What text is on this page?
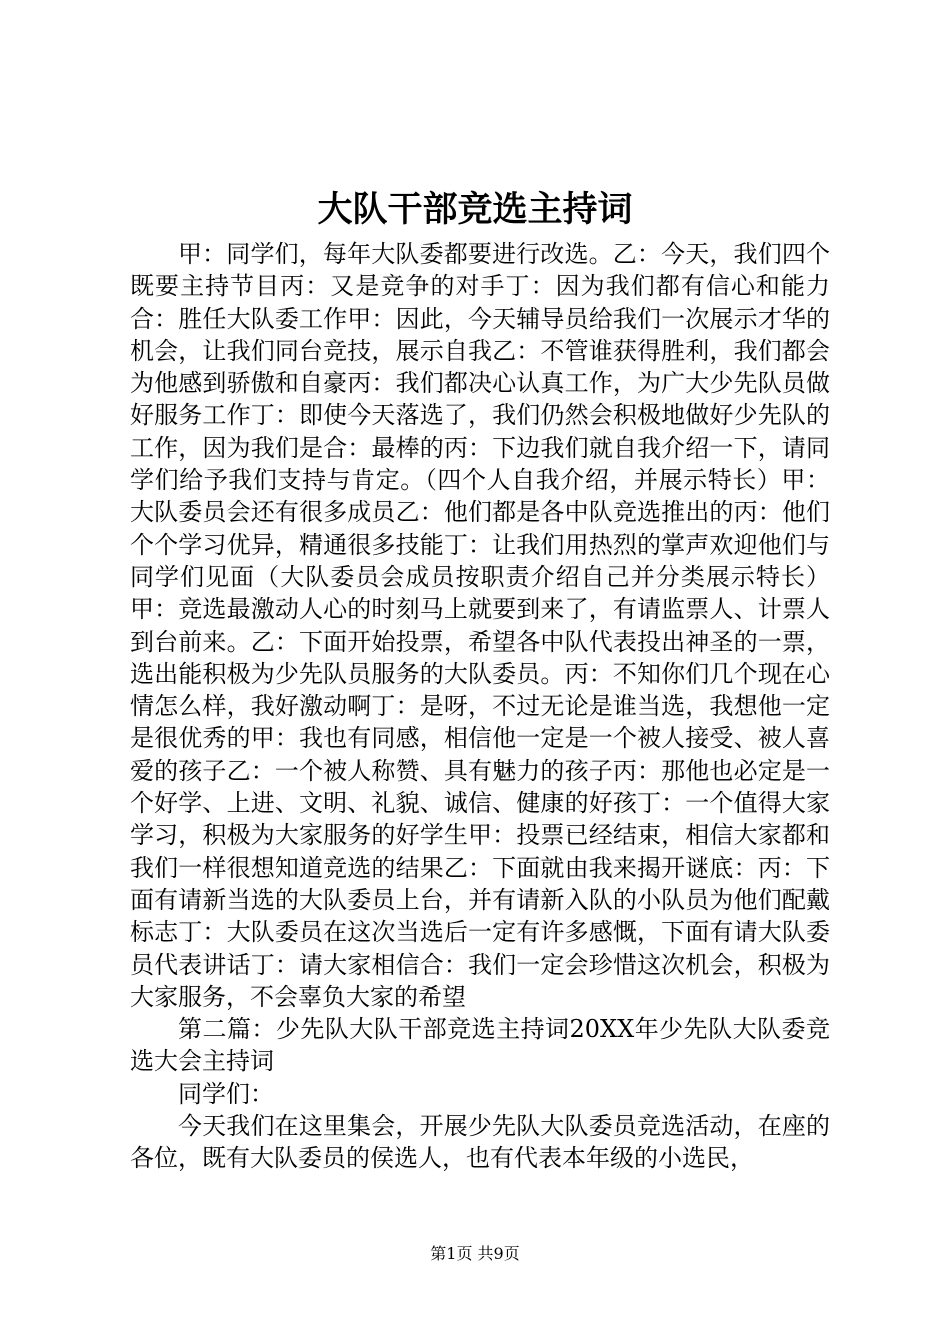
大队干部竞选主持词

甲：同学们，每年大队委都要进行改选。乙：今天，我们四个既要主持节目丙：又是竞争的对手丁：因为我们都有信心和能力合：胜任大队委工作甲：因此，今天辅导员给我们一次展示才华的机会，让我们同台竞技，展示自我乙：不管谁获得胜利，我们都会为他感到骄傲和自豪丙：我们都决心认真工作，为广大少先队员做好服务工作丁：即使今天落选了，我们仍然会积极地做好少先队的工作，因为我们是合：最棒的丙：下边我们就自我介绍一下，请同学们给予我们支持与肯定。（四个人自我介绍，并展示特长）甲：大队委员会还有很多成员乙：他们都是各中队竞选推出的丙：他们个个学习优异，精通很多技能丁：让我们用热烈的掌声欢迎他们与同学们见面（大队委员会成员按职责介绍自己并分类展示特长）甲：竞选最激动人心的时刻马上就要到来了，有请监票人、计票人到台前来。乙：下面开始投票，希望各中队代表投出神圣的一票，选出能积极为少先队员服务的大队委员。丙：不知你们几个现在心情怎么样，我好激动啊丁：是呀，不过无论是谁当选，我想他一定是很优秀的甲：我也有同感，相信他一定是一个被人接受、被人喜爱的孩子乙：一个被人称赞、具有魅力的孩子丙：那他也必定是一个好学、上进、文明、礼貌、诚信、健康的好孩丁：一个值得大家学习，积极为大家服务的好学生甲：投票已经结束，相信大家都和我们一样很想知道竞选的结果乙：下面就由我来揭开谜底：丙：下面有请新当选的大队委员上台，并有请新入队的小队员为他们配戴标志丁：大队委员在这次当选后一定有许多感慨，下面有请大队委员代表讲话丁：请大家相信合：我们一定会珍惜这次机会，积极为大家服务，不会辜负大家的希望

第二篇：少先队大队干部竞选主持词20XX年少先队大队委竞选大会主持词

同学们：

今天我们在这里集会，开展少先队大队委员竞选活动，在座的各位，既有大队委员的侯选人，也有代表本年级的小选民，

第1页 共9页
